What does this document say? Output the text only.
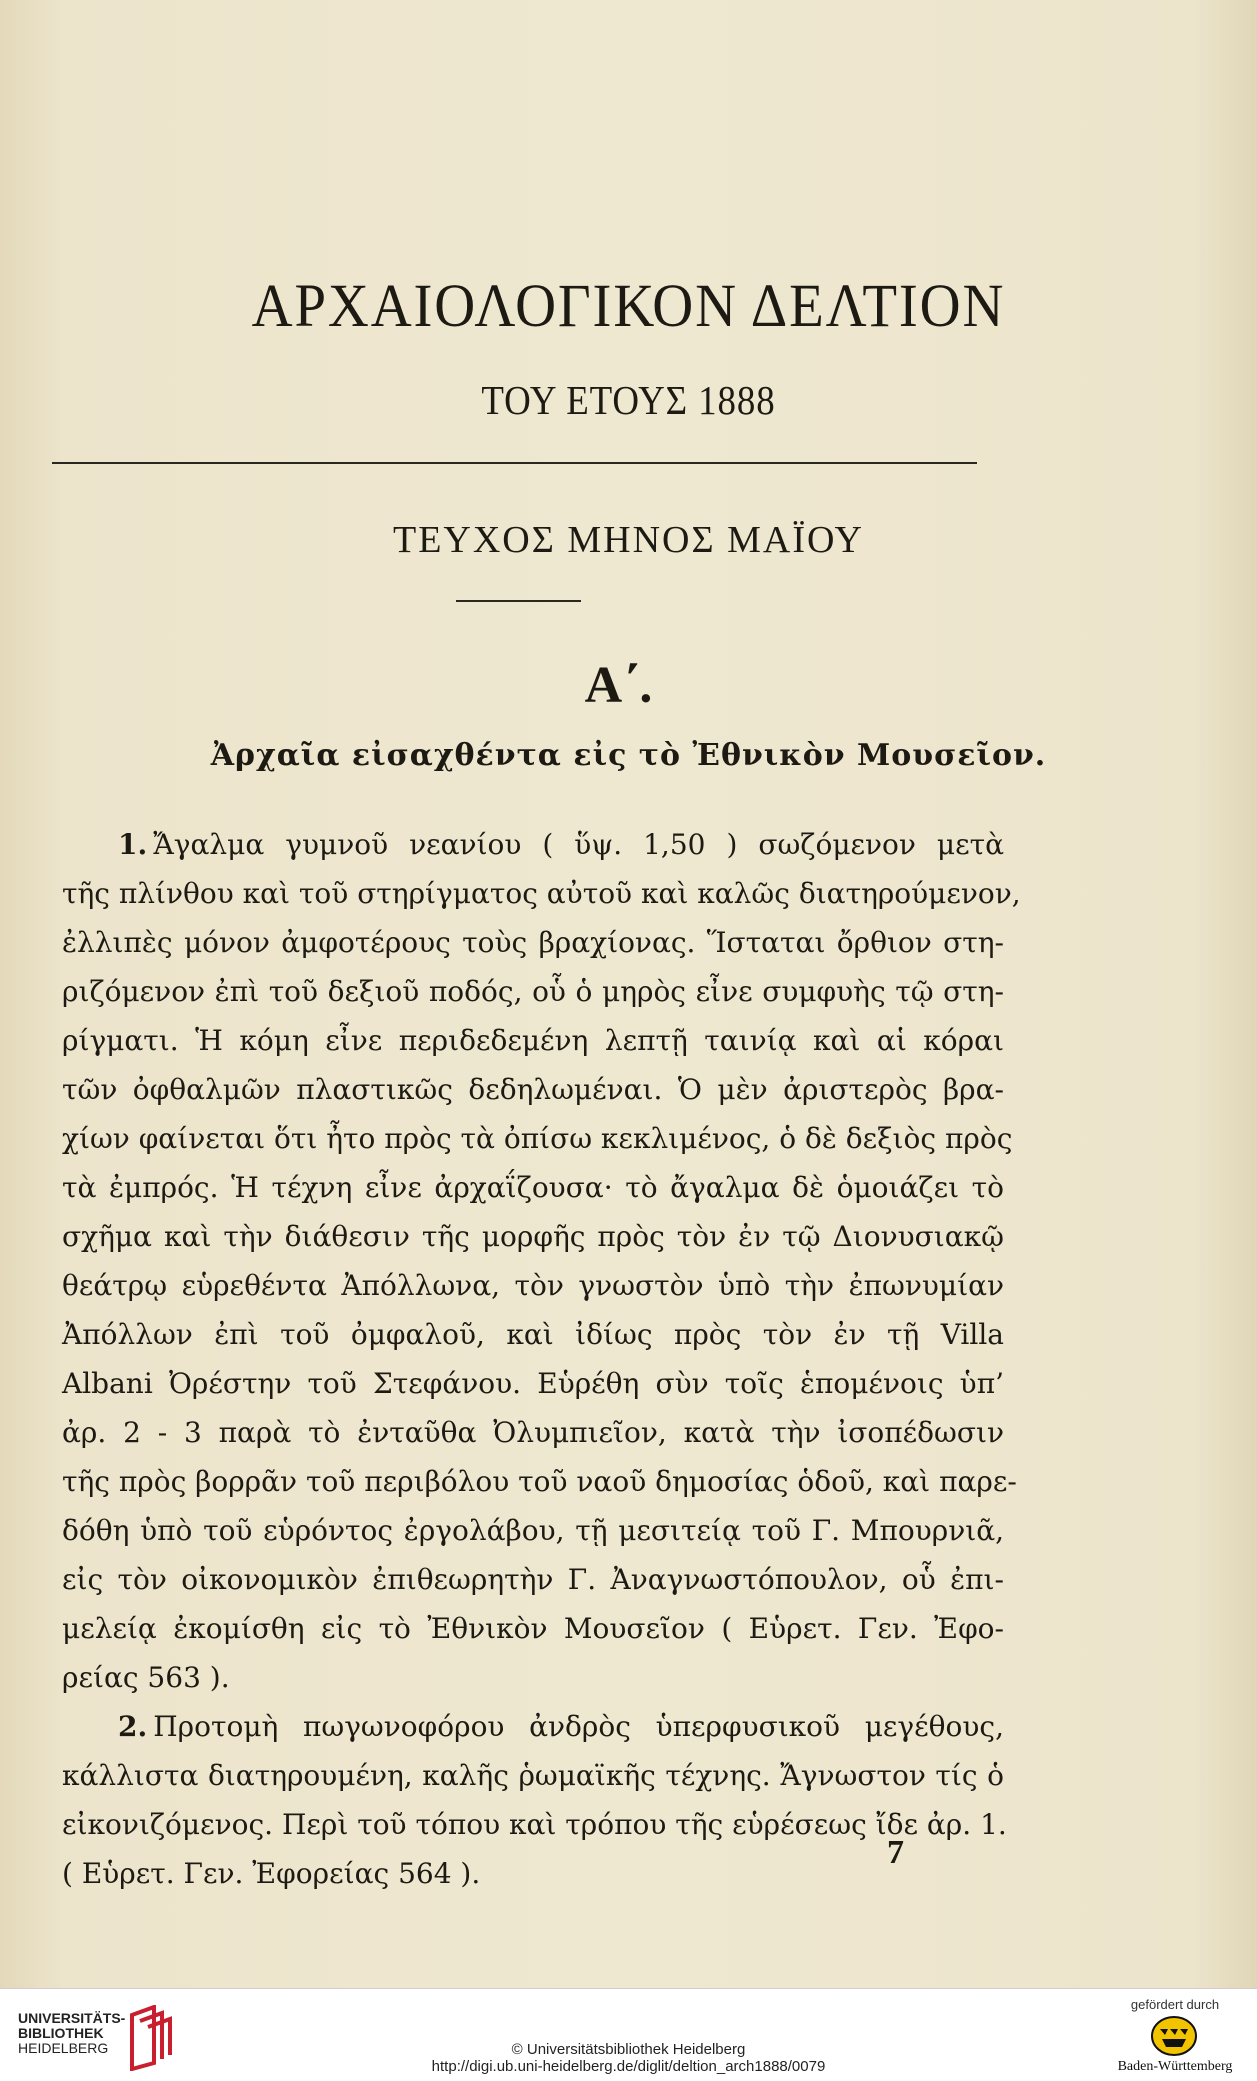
ΑΡΧΑΙΟΛΟΓΙΚΟΝ ΔΕΛΤΙΟΝ
ΤΟΥ ΕΤΟΥΣ 1888
ΤΕΥΧΟΣ ΜΗΝΟΣ ΜΑΪΟΥ
Α΄.
Ἀρχαῖα εἰσαχθέντα εἰς τὸ Ἐθνικὸν Μουσεῖον.
1. Ἄγαλμα γυμνοῦ νεανίου ( ὕψ. 1,50 ) σωζόμενον μετὰ
τῆς πλίνθου καὶ τοῦ στηρίγματος αὐτοῦ καὶ καλῶς διατηρούμενον,
ἐλλιπὲς μόνον ἀμφοτέρους τοὺς βραχίονας. Ἵσταται ὄρθιον στη-
ριζόμενον ἐπὶ τοῦ δεξιοῦ ποδός, οὗ ὁ μηρὸς εἶνε συμφυὴς τῷ στη-
ρίγματι. Ἡ κόμη εἶνε περιδεδεμένη λεπτῇ ταινίᾳ καὶ αἱ κόραι
τῶν ὀφθαλμῶν πλαστικῶς δεδηλωμέναι. Ὁ μὲν ἀριστερὸς βρα-
χίων φαίνεται ὅτι ἦτο πρὸς τὰ ὀπίσω κεκλιμένος, ὁ δὲ δεξιὸς πρὸς
τὰ ἐμπρός. Ἡ τέχνη εἶνε ἀρχαΐζουσα· τὸ ἄγαλμα δὲ ὁμοιάζει τὸ
σχῆμα καὶ τὴν διάθεσιν τῆς μορφῆς πρὸς τὸν ἐν τῷ Διονυσιακῷ
θεάτρῳ εὑρεθέντα Ἀπόλλωνα, τὸν γνωστὸν ὑπὸ τὴν ἐπωνυμίαν
Ἀπόλλων ἐπὶ τοῦ ὀμφαλοῦ, καὶ ἰδίως πρὸς τὸν ἐν τῇ Villa
Albani Ὀρέστην τοῦ Στεφάνου. Εὑρέθη σὺν τοῖς ἑπομένοις ὑπ’
ἀρ. 2 - 3 παρὰ τὸ ἐνταῦθα Ὀλυμπιεῖον, κατὰ τὴν ἰσοπέδωσιν
τῆς πρὸς βορρᾶν τοῦ περιβόλου τοῦ ναοῦ δημοσίας ὁδοῦ, καὶ παρε-
δόθη ὑπὸ τοῦ εὑρόντος ἐργολάβου, τῇ μεσιτείᾳ τοῦ Γ. Μπουρνιᾶ,
εἰς τὸν οἰκονομικὸν ἐπιθεωρητὴν Γ. Ἀναγνωστόπουλον, οὗ ἐπι-
μελείᾳ ἐκομίσθη εἰς τὸ Ἐθνικὸν Μουσεῖον ( Εὑρετ. Γεν. Ἐφο-
ρείας 563 ).
2. Προτομὴ πωγωνοφόρου ἀνδρὸς ὑπερφυσικοῦ μεγέθους,
κάλλιστα διατηρουμένη, καλῆς ῥωμαϊκῆς τέχνης. Ἄγνωστον τίς ὁ
εἰκονιζόμενος. Περὶ τοῦ τόπου καὶ τρόπου τῆς εὑρέσεως ἴδε ἀρ. 1.
( Εὑρετ. Γεν. Ἐφορείας 564 ).
7
UNIVERSITÄTS-
BIBLIOTHEK
HEIDELBERG	© Universitätsbibliothek Heidelberg
http://digi.ub.uni-heidelberg.de/diglit/deltion_arch1888/0079
gefördert durch
Baden-Württemberg
